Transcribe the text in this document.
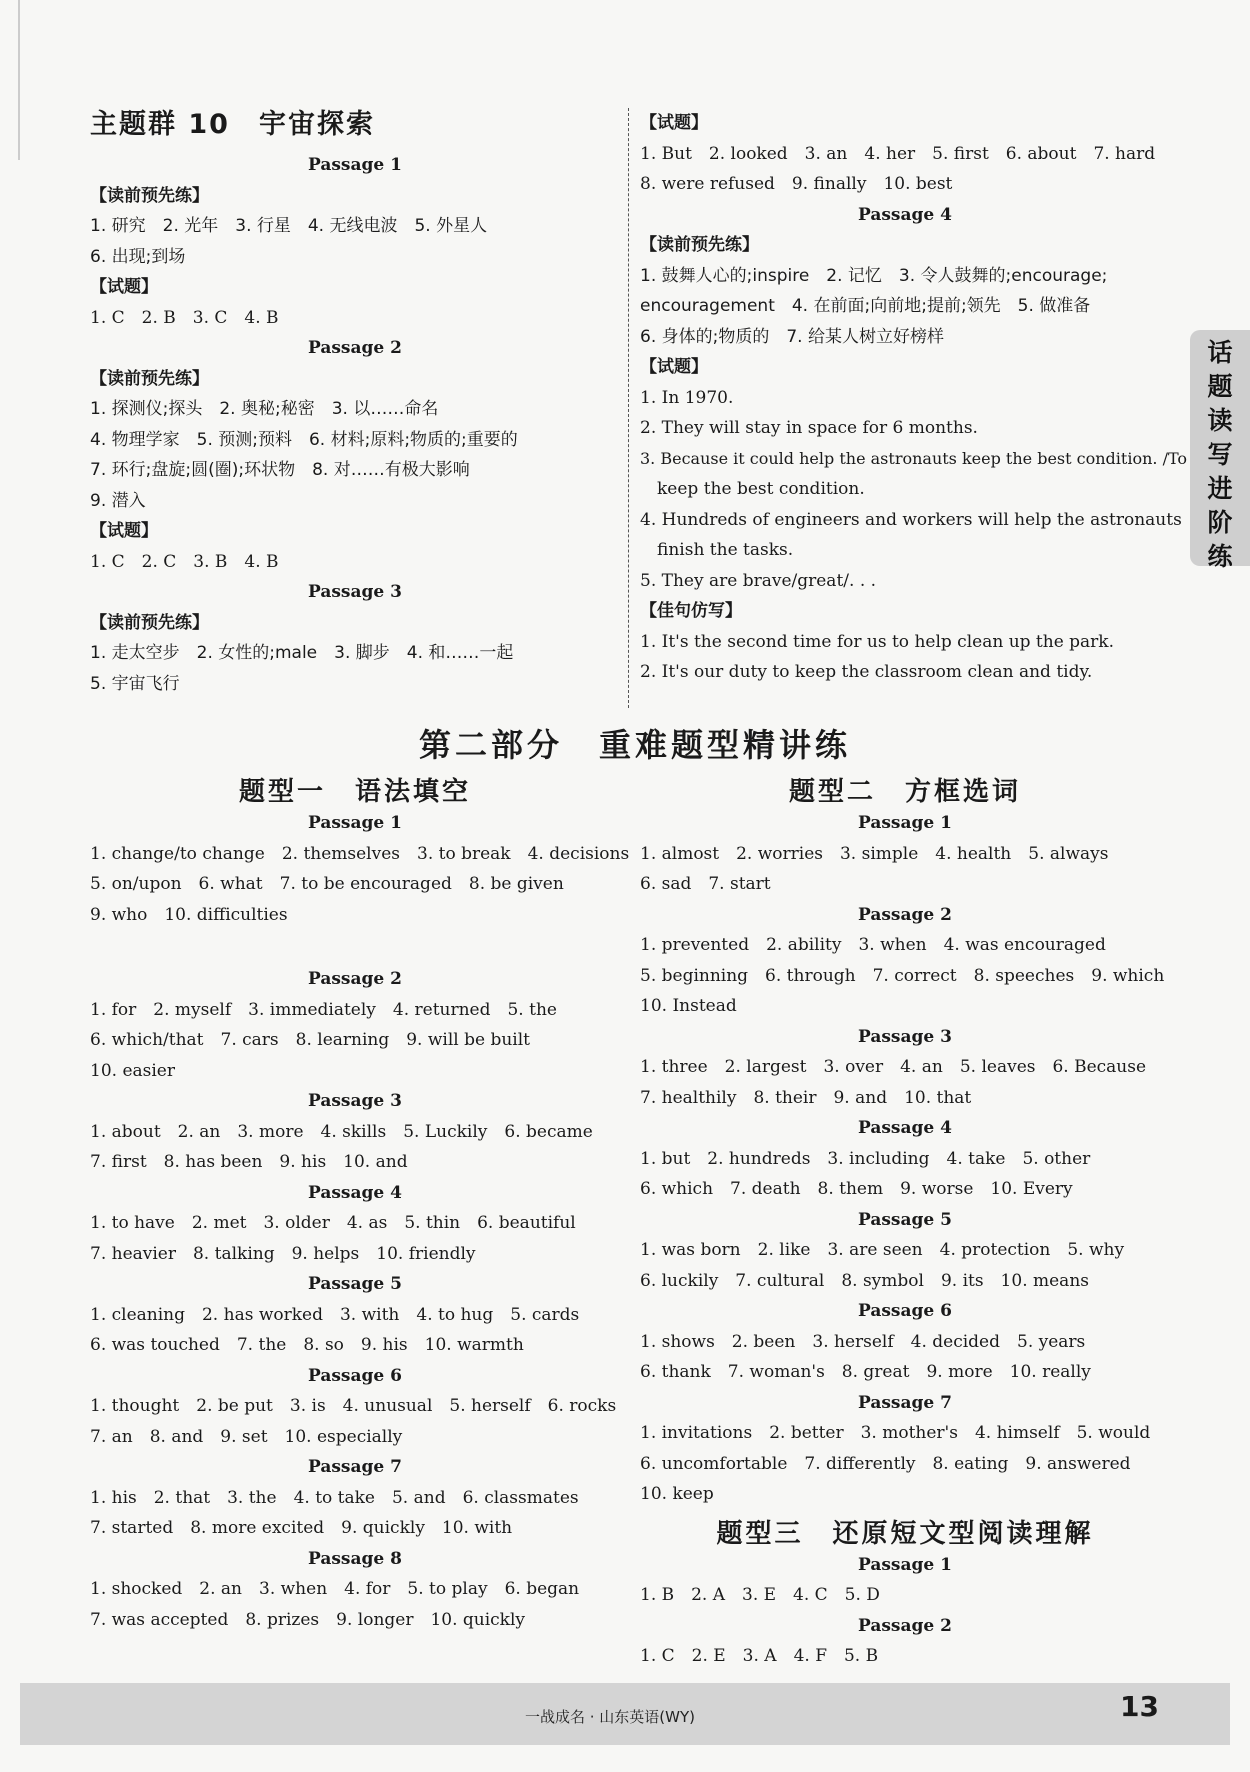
话题读写进阶练
主题群 10　宇宙探索
Passage 1
【读前预先练】
1. 研究　2. 光年　3. 行星　4. 无线电波　5. 外星人
6. 出现;到场
【试题】
1. C　2. B　3. C　4. B
Passage 2
【读前预先练】
1. 探测仪;探头　2. 奥秘;秘密　3. 以……命名
4. 物理学家　5. 预测;预料　6. 材料;原料;物质的;重要的
7. 环行;盘旋;圆(圈);环状物　8. 对……有极大影响
9. 潜入
【试题】
1. C　2. C　3. B　4. B
Passage 3
【读前预先练】
1. 走太空步　2. 女性的;male　3. 脚步　4. 和……一起
5. 宇宙飞行
【试题】
1. But　2. looked　3. an　4. her　5. first　6. about　7. hard
8. were refused　9. finally　10. best
Passage 4
【读前预先练】
1. 鼓舞人心的;inspire　2. 记忆　3. 令人鼓舞的;encourage;
encouragement　4. 在前面;向前地;提前;领先　5. 做准备
6. 身体的;物质的　7. 给某人树立好榜样
【试题】
1. In 1970.
2. They will stay in space for 6 months.
3. Because it could help the astronauts keep the best condition. /To
　keep the best condition.
4. Hundreds of engineers and workers will help the astronauts
　finish the tasks.
5. They are brave/great/. . .
【佳句仿写】
1. It's the second time for us to help clean up the park.
2. It's our duty to keep the classroom clean and tidy.
第二部分　重难题型精讲练
题型一　语法填空
Passage 1
1. change/to change　2. themselves　3. to break　4. decisions
5. on/upon　6. what　7. to be encouraged　8. be given
9. who　10. difficulties
Passage 2
1. for　2. myself　3. immediately　4. returned　5. the
6. which/that　7. cars　8. learning　9. will be built
10. easier
Passage 3
1. about　2. an　3. more　4. skills　5. Luckily　6. became
7. first　8. has been　9. his　10. and
Passage 4
1. to have　2. met　3. older　4. as　5. thin　6. beautiful
7. heavier　8. talking　9. helps　10. friendly
Passage 5
1. cleaning　2. has worked　3. with　4. to hug　5. cards
6. was touched　7. the　8. so　9. his　10. warmth
Passage 6
1. thought　2. be put　3. is　4. unusual　5. herself　6. rocks
7. an　8. and　9. set　10. especially
Passage 7
1. his　2. that　3. the　4. to take　5. and　6. classmates
7. started　8. more excited　9. quickly　10. with
Passage 8
1. shocked　2. an　3. when　4. for　5. to play　6. began
7. was accepted　8. prizes　9. longer　10. quickly
题型二　方框选词
Passage 1
1. almost　2. worries　3. simple　4. health　5. always
6. sad　7. start
Passage 2
1. prevented　2. ability　3. when　4. was encouraged
5. beginning　6. through　7. correct　8. speeches　9. which
10. Instead
Passage 3
1. three　2. largest　3. over　4. an　5. leaves　6. Because
7. healthily　8. their　9. and　10. that
Passage 4
1. but　2. hundreds　3. including　4. take　5. other
6. which　7. death　8. them　9. worse　10. Every
Passage 5
1. was born　2. like　3. are seen　4. protection　5. why
6. luckily　7. cultural　8. symbol　9. its　10. means
Passage 6
1. shows　2. been　3. herself　4. decided　5. years
6. thank　7. woman's　8. great　9. more　10. really
Passage 7
1. invitations　2. better　3. mother's　4. himself　5. would
6. uncomfortable　7. differently　8. eating　9. answered
10. keep
题型三　还原短文型阅读理解
Passage 1
1. B　2. A　3. E　4. C　5. D
Passage 2
1. C　2. E　3. A　4. F　5. B
一战成名 · 山东英语(WY)	13
